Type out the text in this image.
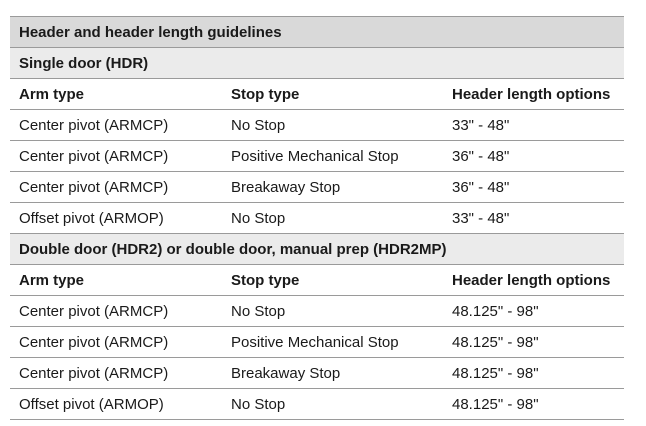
Header and header length guidelines		
Single door (HDR)		
Arm type	Stop type	Header length options
Center pivot (ARMCP)	No Stop	33" - 48"
Center pivot (ARMCP)	Positive Mechanical Stop	36" - 48"
Center pivot (ARMCP)	Breakaway Stop	36" - 48"
Offset pivot (ARMOP)	No Stop	33" - 48"
Double door (HDR2) or double door, manual prep (HDR2MP)		
Arm type	Stop type	Header length options
Center pivot (ARMCP)	No Stop	48.125" - 98"
Center pivot (ARMCP)	Positive Mechanical Stop	48.125" - 98"
Center pivot (ARMCP)	Breakaway Stop	48.125" - 98"
Offset pivot (ARMOP)	No Stop	48.125" - 98"
